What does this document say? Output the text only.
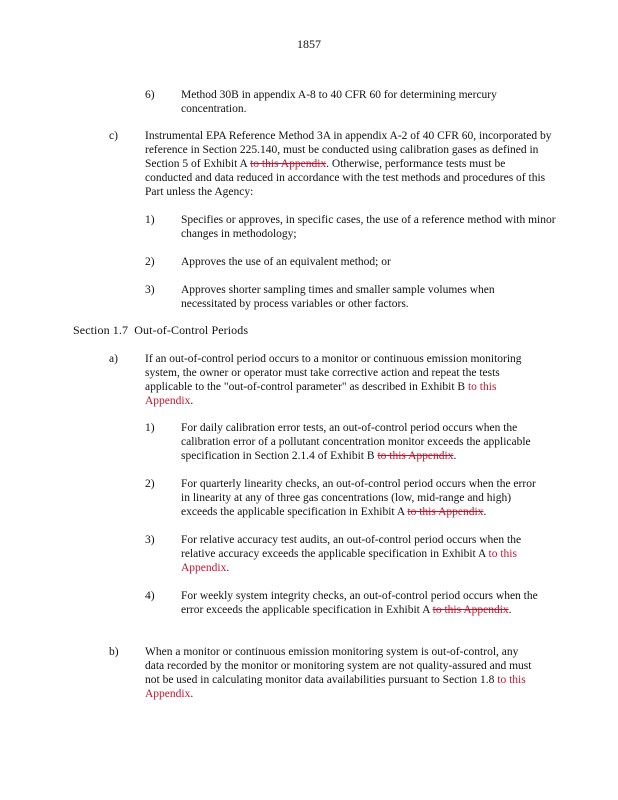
1857
6) Method 30B in appendix A-8 to 40 CFR 60 for determining mercury concentration.
c) Instrumental EPA Reference Method 3A in appendix A-2 of 40 CFR 60, incorporated by reference in Section 225.140, must be conducted using calibration gases as defined in Section 5 of Exhibit A to this Appendix. Otherwise, performance tests must be conducted and data reduced in accordance with the test methods and procedures of this Part unless the Agency:
1) Specifies or approves, in specific cases, the use of a reference method with minor changes in methodology;
2) Approves the use of an equivalent method; or
3) Approves shorter sampling times and smaller sample volumes when necessitated by process variables or other factors.
Section 1.7  Out-of-Control Periods
a) If an out-of-control period occurs to a monitor or continuous emission monitoring system, the owner or operator must take corrective action and repeat the tests applicable to the "out-of-control parameter" as described in Exhibit B to this Appendix.
1) For daily calibration error tests, an out-of-control period occurs when the calibration error of a pollutant concentration monitor exceeds the applicable specification in Section 2.1.4 of Exhibit B to this Appendix.
2) For quarterly linearity checks, an out-of-control period occurs when the error in linearity at any of three gas concentrations (low, mid-range and high) exceeds the applicable specification in Exhibit A to this Appendix.
3) For relative accuracy test audits, an out-of-control period occurs when the relative accuracy exceeds the applicable specification in Exhibit A to this Appendix.
4) For weekly system integrity checks, an out-of-control period occurs when the error exceeds the applicable specification in Exhibit A to this Appendix.
b) When a monitor or continuous emission monitoring system is out-of-control, any data recorded by the monitor or monitoring system are not quality-assured and must not be used in calculating monitor data availabilities pursuant to Section 1.8 to this Appendix.
